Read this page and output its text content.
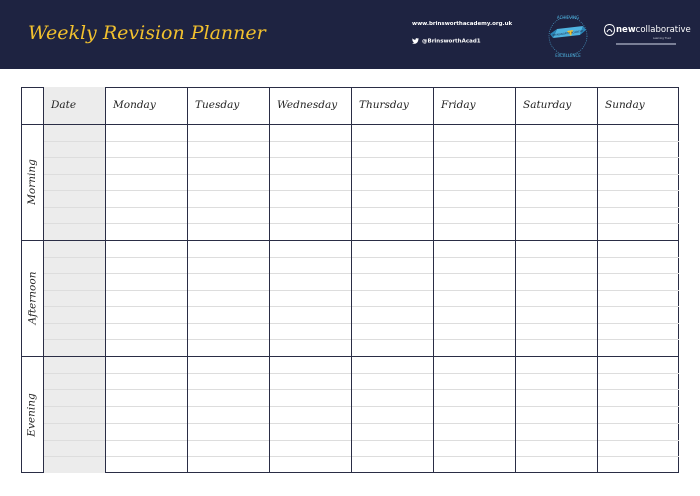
Weekly Revision Planner	www.brinsworthacademy.org.uk
@BrinsworthAcad1
ACHIEVING
BRINSWORTH ACADEMY
EXCELLENCE
newcollaborative
Learning Trust
Date	Monday	Tuesday	Wednesday	Thursday	Friday	Saturday	Sunday
Morning
Afternoon
Evening
